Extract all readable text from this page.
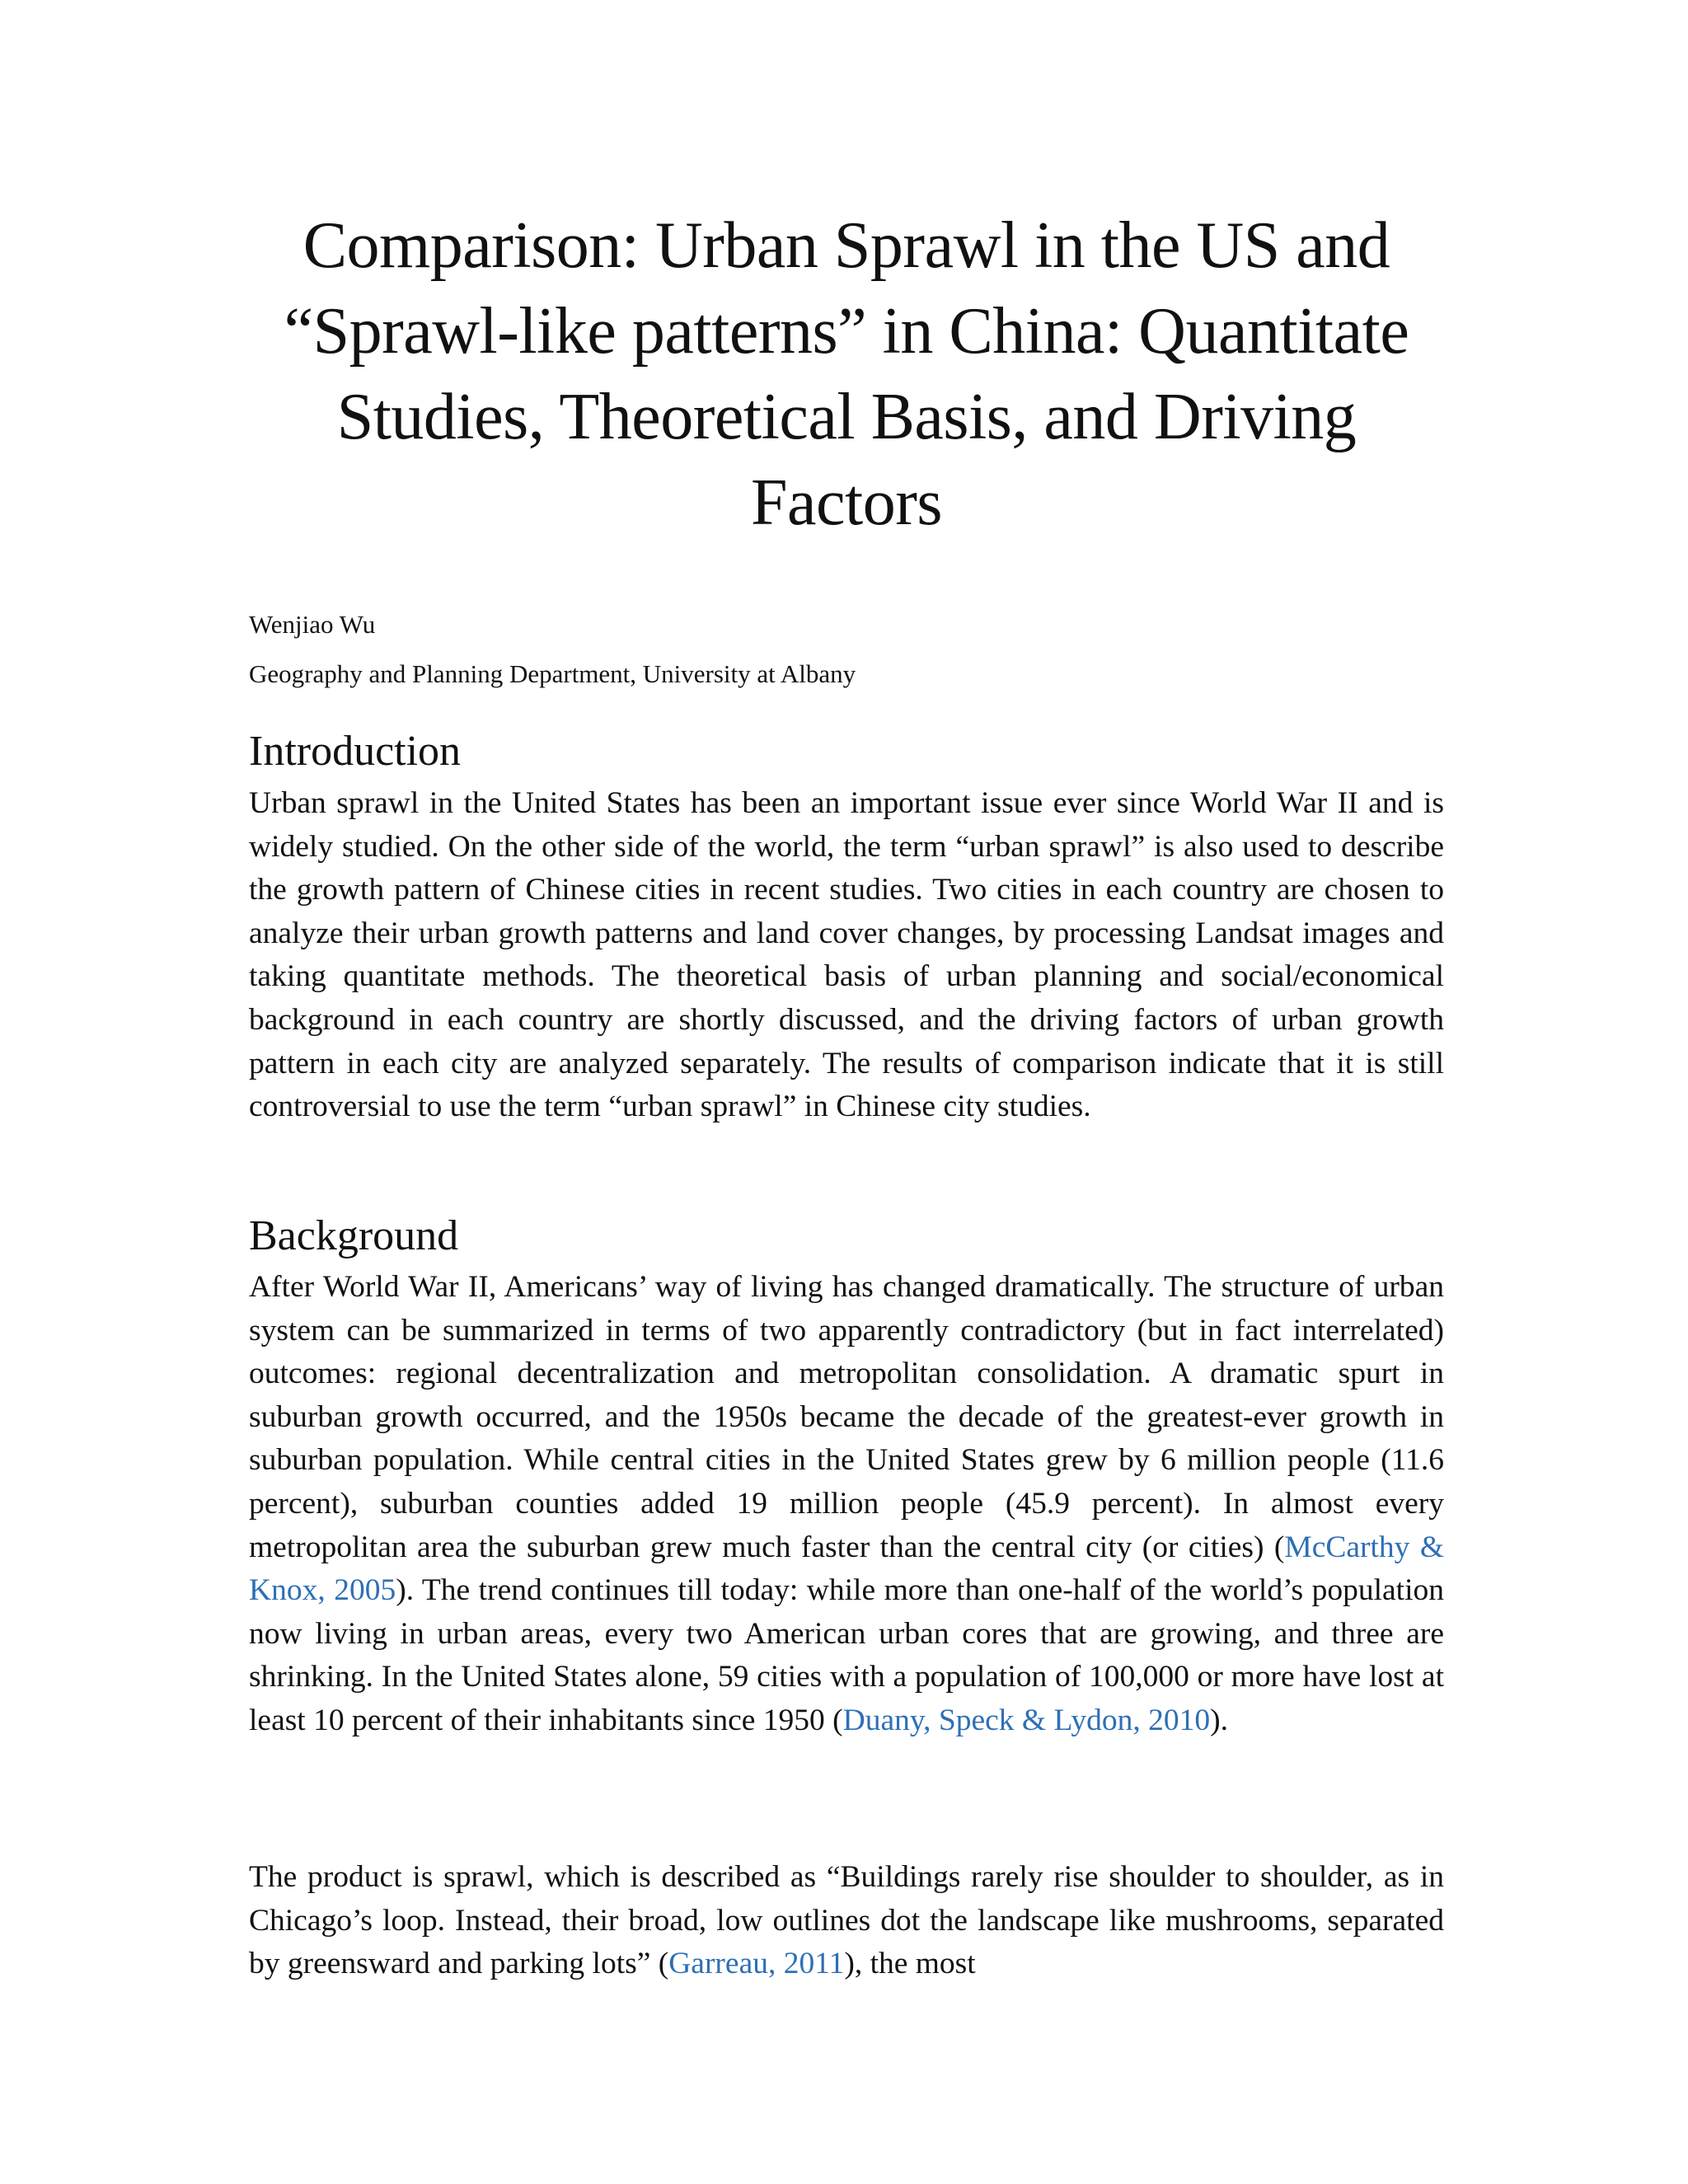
Comparison: Urban Sprawl in the US and “Sprawl-like patterns” in China: Quantitate Studies, Theoretical Basis, and Driving Factors

Wenjiao Wu

Geography and Planning Department, University at Albany

Introduction

Urban sprawl in the United States has been an important issue ever since World War II and is widely studied. On the other side of the world, the term “urban sprawl” is also used to describe the growth pattern of Chinese cities in recent studies. Two cities in each country are chosen to analyze their urban growth patterns and land cover changes, by processing Landsat images and taking quantitate methods. The theoretical basis of urban planning and social/economical background in each country are shortly discussed, and the driving factors of urban growth pattern in each city are analyzed separately. The results of comparison indicate that it is still controversial to use the term “urban sprawl” in Chinese city studies.

Background

After World War II, Americans’ way of living has changed dramatically. The structure of urban system can be summarized in terms of two apparently contradictory (but in fact interrelated) outcomes: regional decentralization and metropolitan consolidation. A dramatic spurt in suburban growth occurred, and the 1950s became the decade of the greatest-ever growth in suburban population. While central cities in the United States grew by 6 million people (11.6 percent), suburban counties added 19 million people (45.9 percent). In almost every metropolitan area the suburban grew much faster than the central city (or cities) (McCarthy & Knox, 2005). The trend continues till today: while more than one-half of the world’s population now living in urban areas, every two American urban cores that are growing, and three are shrinking. In the United States alone, 59 cities with a population of 100,000 or more have lost at least 10 percent of their inhabitants since 1950 (Duany, Speck & Lydon, 2010).

The product is sprawl, which is described as “Buildings rarely rise shoulder to shoulder, as in Chicago’s loop. Instead, their broad, low outlines dot the landscape like mushrooms, separated by greensward and parking lots” (Garreau, 2011), the most
